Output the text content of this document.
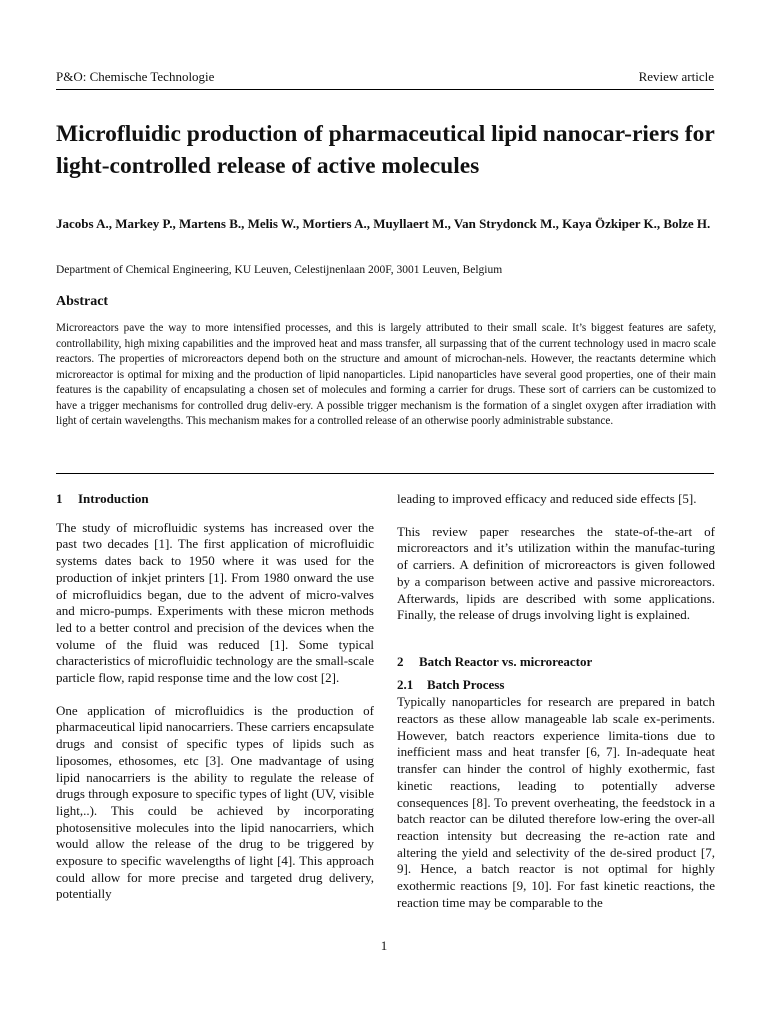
P&O: Chemische Technologie	Review article
Microfluidic production of pharmaceutical lipid nanocar-riers for light-controlled release of active molecules
Jacobs A., Markey P., Martens B., Melis W., Mortiers A., Muyllaert M., Van Strydonck M., Kaya Özkiper K., Bolze H.
Department of Chemical Engineering, KU Leuven, Celestijnenlaan 200F, 3001 Leuven, Belgium
Abstract
Microreactors pave the way to more intensified processes, and this is largely attributed to their small scale. It’s biggest features are safety, controllability, high mixing capabilities and the improved heat and mass transfer, all surpassing that of the current technology used in macro scale reactors. The properties of microreactors depend both on the structure and amount of microchan-nels. However, the reactants determine which microreactor is optimal for mixing and the production of lipid nanoparticles. Lipid nanoparticles have several good properties, one of their main features is the capability of encapsulating a chosen set of molecules and forming a carrier for drugs. These sort of carriers can be customized to have a trigger mechanisms for controlled drug deliv-ery. A possible trigger mechanism is the formation of a singlet oxygen after irradiation with light of certain wavelengths. This mechanism makes for a controlled release of an otherwise poorly administrable substance.
1 Introduction

The study of microfluidic systems has increased over the past two decades [1]. The first application of microfluidic systems dates back to 1950 where it was used for the production of inkjet printers [1]. From 1980 onward the use of microfluidics began, due to the advent of micro-valves and micro-pumps. Experiments with these micron methods led to a better control and precision of the devices when the volume of the fluid was reduced [1]. Some typical characteristics of microfluidic technology are the small-scale particle flow, rapid response time and the low cost [2].

One application of microfluidics is the production of pharmaceutical lipid nanocarriers. These carriers encapsulate drugs and consist of specific types of lipids such as liposomes, ethosomes, etc [3]. One madvantage of using lipid nanocarriers is the ability to regulate the release of drugs through exposure to specific types of light (UV, visible light,..). This could be achieved by incorporating photosensitive molecules into the lipid nanocarriers, which would allow the release of the drug to be triggered by exposure to specific wavelengths of light [4]. This approach could allow for more precise and targeted drug delivery, potentially

leading to improved efficacy and reduced side effects [5].

This review paper researches the state-of-the-art of microreactors and it’s utilization within the manufac-turing of carriers. A definition of microreactors is given followed by a comparison between active and passive microreactors. Afterwards, lipids are described with some applications. Finally, the release of drugs involving light is explained.

2 Batch Reactor vs. microreactor
2.1 Batch Process

Typically nanoparticles for research are prepared in batch reactors as these allow manageable lab scale ex-periments. However, batch reactors experience limita-tions due to inefficient mass and heat transfer [6, 7]. In-adequate heat transfer can hinder the control of highly exothermic, fast kinetic reactions, leading to potentially adverse consequences [8]. To prevent overheating, the feedstock in a batch reactor can be diluted therefore low-ering the over-all reaction intensity but decreasing the re-action rate and altering the yield and selectivity of the de-sired product [7, 9]. Hence, a batch reactor is not optimal for highly exothermic reactions [9, 10]. For fast kinetic reactions, the reaction time may be comparable to the

1
